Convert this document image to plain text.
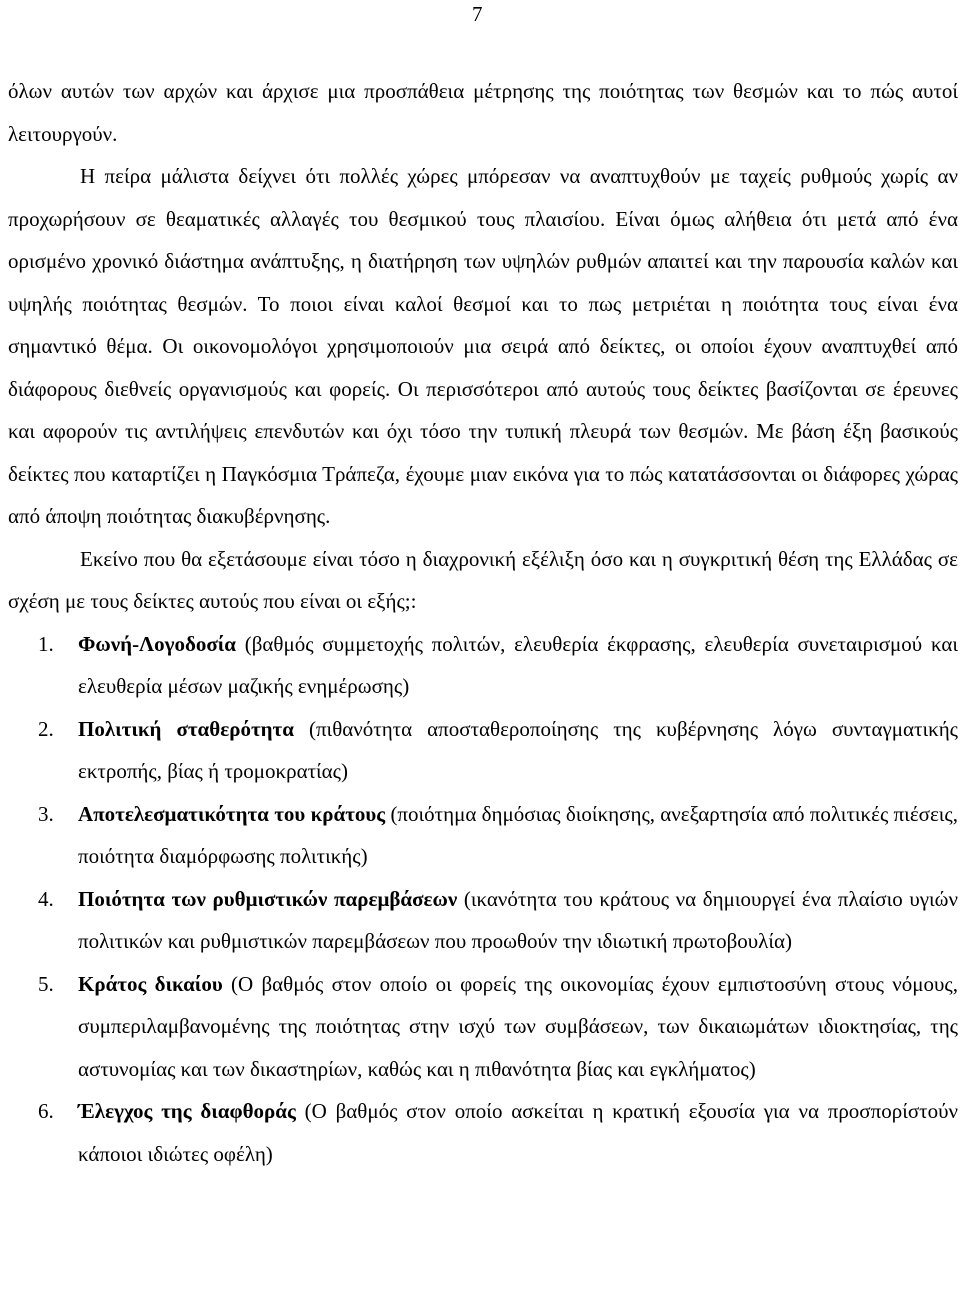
7

όλων αυτών των αρχών και άρχισε μια προσπάθεια μέτρησης της ποιότητας των θεσμών και το πώς αυτοί λειτουργούν.

Η πείρα μάλιστα δείχνει ότι πολλές χώρες μπόρεσαν να αναπτυχθούν με ταχείς ρυθμούς χωρίς αν προχωρήσουν σε θεαματικές αλλαγές του θεσμικού τους πλαισίου. Είναι όμως αλήθεια ότι μετά από ένα ορισμένο χρονικό διάστημα ανάπτυξης, η διατήρηση των υψηλών ρυθμών απαιτεί και την παρουσία καλών και υψηλής ποιότητας θεσμών. Το ποιοι είναι καλοί θεσμοί και το πως μετριέται η ποιότητα τους είναι ένα σημαντικό θέμα. Οι οικονομολόγοι χρησιμοποιούν μια σειρά από δείκτες, οι οποίοι έχουν αναπτυχθεί από διάφορους διεθνείς οργανισμούς και φορείς. Οι περισσότεροι από αυτούς τους δείκτες βασίζονται σε έρευνες και αφορούν τις αντιλήψεις επενδυτών και όχι τόσο την τυπική πλευρά των θεσμών. Με βάση έξη βασικούς δείκτες που καταρτίζει η Παγκόσμια Τράπεζα, έχουμε μιαν εικόνα για το πώς κατατάσσονται οι διάφορες χώρας από άποψη ποιότητας διακυβέρνησης.

Εκείνο που θα εξετάσουμε είναι τόσο η διαχρονική εξέλιξη όσο και η συγκριτική θέση της Ελλάδας σε σχέση με τους δείκτες αυτούς που είναι οι εξής;:

1. Φωνή-Λογοδοσία (βαθμός συμμετοχής πολιτών, ελευθερία έκφρασης, ελευθερία συνεταιρισμού και ελευθερία μέσων μαζικής ενημέρωσης)
2. Πολιτική σταθερότητα (πιθανότητα αποσταθεροποίησης της κυβέρνησης λόγω συνταγματικής εκτροπής, βίας ή τρομοκρατίας)
3. Αποτελεσματικότητα του κράτους (ποιότημα δημόσιας διοίκησης, ανεξαρτησία από πολιτικές πιέσεις, ποιότητα διαμόρφωσης πολιτικής)
4. Ποιότητα των ρυθμιστικών παρεμβάσεων (ικανότητα του κράτους να δημιουργεί ένα πλαίσιο υγιών πολιτικών και ρυθμιστικών παρεμβάσεων που προωθούν την ιδιωτική πρωτοβουλία)
5. Κράτος δικαίου (Ο βαθμός στον οποίο οι φορείς της οικονομίας έχουν εμπιστοσύνη στους νόμους, συμπεριλαμβανομένης της ποιότητας στην ισχύ των συμβάσεων, των δικαιωμάτων ιδιοκτησίας, της αστυνομίας και των δικαστηρίων, καθώς και η πιθανότητα βίας και εγκλήματος)
6. Έλεγχος της διαφθοράς (Ο βαθμός στον οποίο ασκείται η κρατική εξουσία για να προσπορίστούν κάποιοι ιδιώτες οφέλη)
